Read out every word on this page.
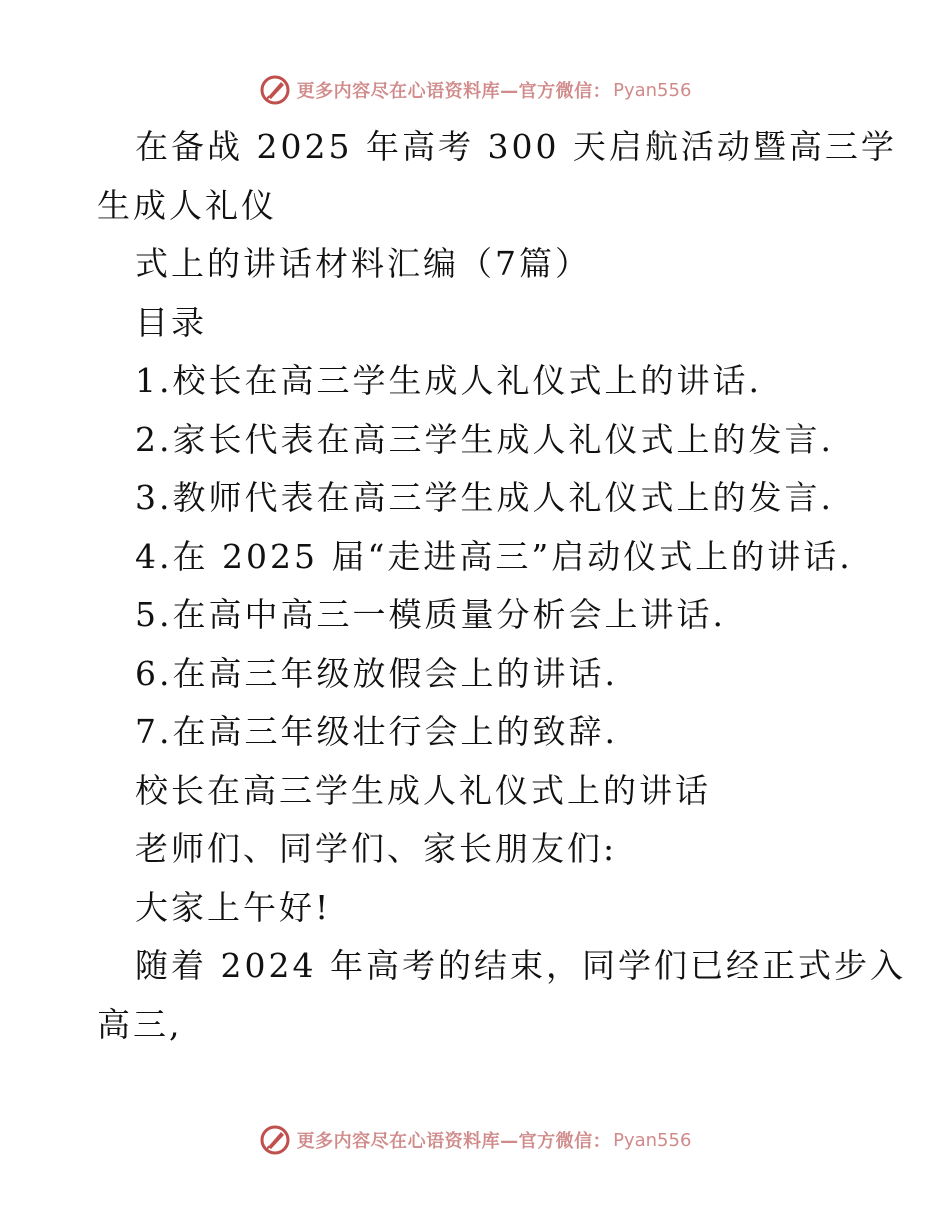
更多内容尽在心语资料库—官方微信： Pyan556
在备战 2025 年高考 300 天启航活动暨高三学
生成人礼仪
式上的讲话材料汇编（7篇）
目录
1.校长在高三学生成人礼仪式上的讲话.
2.家长代表在高三学生成人礼仪式上的发言.
3.教师代表在高三学生成人礼仪式上的发言.
4.在 2025 届“走进高三”启动仪式上的讲话.
5.在高中高三一模质量分析会上讲话.
6.在高三年级放假会上的讲话.
7.在高三年级壮行会上的致辞.
校长在高三学生成人礼仪式上的讲话
老师们、同学们、家长朋友们:
大家上午好!
随着 2024 年高考的结束，同学们已经正式步入
高三,
更多内容尽在心语资料库—官方微信： Pyan556
